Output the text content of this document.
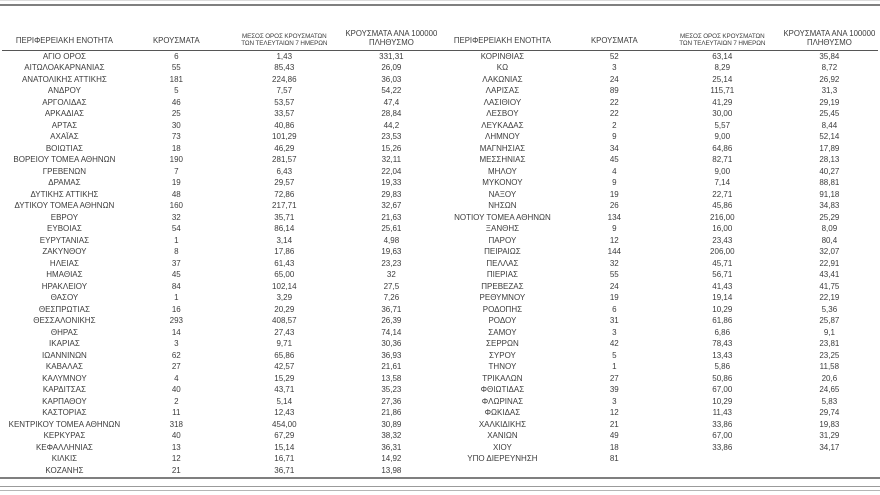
ΠΕΡΙΦΕΡΕΙΑΚΗ ΕΝΟΤΗΤΑ	ΚΡΟΥΣΜΑΤΑ	ΜΕΣΟΣ ΟΡΟΣ ΚΡΟΥΣΜΑΤΩΝ
ΤΩΝ ΤΕΛΕΥΤΑΙΩΝ 7 ΗΜΕΡΩΝ

ΚΡΟΥΣΜΑΤΑ ΑΝΑ 100000
ΠΛΗΘΥΣΜΟ

ΑΓΙΟ ΟΡΟΣ	6	1,43	331,31
ΑΙΤΩΛΟΑΚΑΡΝΑΝΙΑΣ	55	85,43	26,09
ΑΝΑΤΟΛΙΚΗΣ ΑΤΤΙΚΗΣ	181	224,86	36,03
ΑΝΔΡΟΥ	5	7,57	54,22
ΑΡΓΟΛΙΔΑΣ	46	53,57	47,4
ΑΡΚΑΔΙΑΣ	25	33,57	28,84
ΑΡΤΑΣ	30	40,86	44,2
ΑΧΑΪΑΣ	73	101,29	23,53
ΒΟΙΩΤΙΑΣ	18	46,29	15,26
ΒΟΡΕΙΟΥ ΤΟΜΕΑ ΑΘΗΝΩΝ	190	281,57	32,11
ΓΡΕΒΕΝΩΝ	7	6,43	22,04
ΔΡΑΜΑΣ	19	29,57	19,33
ΔΥΤΙΚΗΣ ΑΤΤΙΚΗΣ	48	72,86	29,83
ΔΥΤΙΚΟΥ ΤΟΜΕΑ ΑΘΗΝΩΝ	160	217,71	32,67
ΕΒΡΟΥ	32	35,71	21,63
ΕΥΒΟΙΑΣ	54	86,14	25,61
ΕΥΡΥΤΑΝΙΑΣ	1	3,14	4,98
ΖΑΚΥΝΘΟΥ	8	17,86	19,63
ΗΛΕΙΑΣ	37	61,43	23,23
ΗΜΑΘΙΑΣ	45	65,00	32
ΗΡΑΚΛΕΙΟΥ	84	102,14	27,5
ΘΑΣΟΥ	1	3,29	7,26
ΘΕΣΠΡΩΤΙΑΣ	16	20,29	36,71
ΘΕΣΣΑΛΟΝΙΚΗΣ	293	408,57	26,39
ΘΗΡΑΣ	14	27,43	74,14
ΙΚΑΡΙΑΣ	3	9,71	30,36
ΙΩΑΝΝΙΝΩΝ	62	65,86	36,93
ΚΑΒΑΛΑΣ	27	42,57	21,61
ΚΑΛΥΜΝΟΥ	4	15,29	13,58
ΚΑΡΔΙΤΣΑΣ	40	43,71	35,23
ΚΑΡΠΑΘΟΥ	2	5,14	27,36
ΚΑΣΤΟΡΙΑΣ	11	12,43	21,86
ΚΕΝΤΡΙΚΟΥ ΤΟΜΕΑ ΑΘΗΝΩΝ	318	454,00	30,89
ΚΕΡΚΥΡΑΣ	40	67,29	38,32
ΚΕΦΑΛΛΗΝΙΑΣ	13	15,14	36,31
ΚΙΛΚΙΣ	12	16,71	14,92
ΚΟΖΑΝΗΣ	21	36,71	13,98
ΠΕΡΙΦΕΡΕΙΑΚΗ ΕΝΟΤΗΤΑ	ΚΡΟΥΣΜΑΤΑ	ΜΕΣΟΣ ΟΡΟΣ ΚΡΟΥΣΜΑΤΩΝ
ΤΩΝ ΤΕΛΕΥΤΑΙΩΝ 7 ΗΜΕΡΩΝ

ΚΡΟΥΣΜΑΤΑ ΑΝΑ 100000
ΠΛΗΘΥΣΜΟ

ΚΟΡΙΝΘΙΑΣ	52	63,14	35,84
ΚΩ	3	8,29	8,72
ΛΑΚΩΝΙΑΣ	24	25,14	26,92
ΛΑΡΙΣΑΣ	89	115,71	31,3
ΛΑΣΙΘΙΟΥ	22	41,29	29,19
ΛΕΣΒΟΥ	22	30,00	25,45
ΛΕΥΚΑΔΑΣ	2	5,57	8,44
ΛΗΜΝΟΥ	9	9,00	52,14
ΜΑΓΝΗΣΙΑΣ	34	64,86	17,89
ΜΕΣΣΗΝΙΑΣ	45	82,71	28,13
ΜΗΛΟΥ	4	9,00	40,27
ΜΥΚΟΝΟΥ	9	7,14	88,81
ΝΑΞΟΥ	19	22,71	91,18
ΝΗΣΩΝ	26	45,86	34,83
ΝΟΤΙΟΥ ΤΟΜΕΑ ΑΘΗΝΩΝ	134	216,00	25,29
ΞΑΝΘΗΣ	9	16,00	8,09
ΠΑΡΟΥ	12	23,43	80,4
ΠΕΙΡΑΙΩΣ	144	206,00	32,07
ΠΕΛΛΑΣ	32	45,71	22,91
ΠΙΕΡΙΑΣ	55	56,71	43,41
ΠΡΕΒΕΖΑΣ	24	41,43	41,75
ΡΕΘΥΜΝΟΥ	19	19,14	22,19
ΡΟΔΟΠΗΣ	6	10,29	5,36
ΡΟΔΟΥ	31	61,86	25,87
ΣΑΜΟΥ	3	6,86	9,1
ΣΕΡΡΩΝ	42	78,43	23,81
ΣΥΡΟΥ	5	13,43	23,25
ΤΗΝΟΥ	1	5,86	11,58
ΤΡΙΚΑΛΩΝ	27	50,86	20,6
ΦΘΙΩΤΙΔΑΣ	39	67,00	24,65
ΦΛΩΡΙΝΑΣ	3	10,29	5,83
ΦΩΚΙΔΑΣ	12	11,43	29,74
ΧΑΛΚΙΔΙΚΗΣ	21	33,86	19,83
ΧΑΝΙΩΝ	49	67,00	31,29
ΧΙΟΥ	18	33,86	34,17
ΥΠΟ ΔΙΕΡΕΥΝΗΣΗ	81		
